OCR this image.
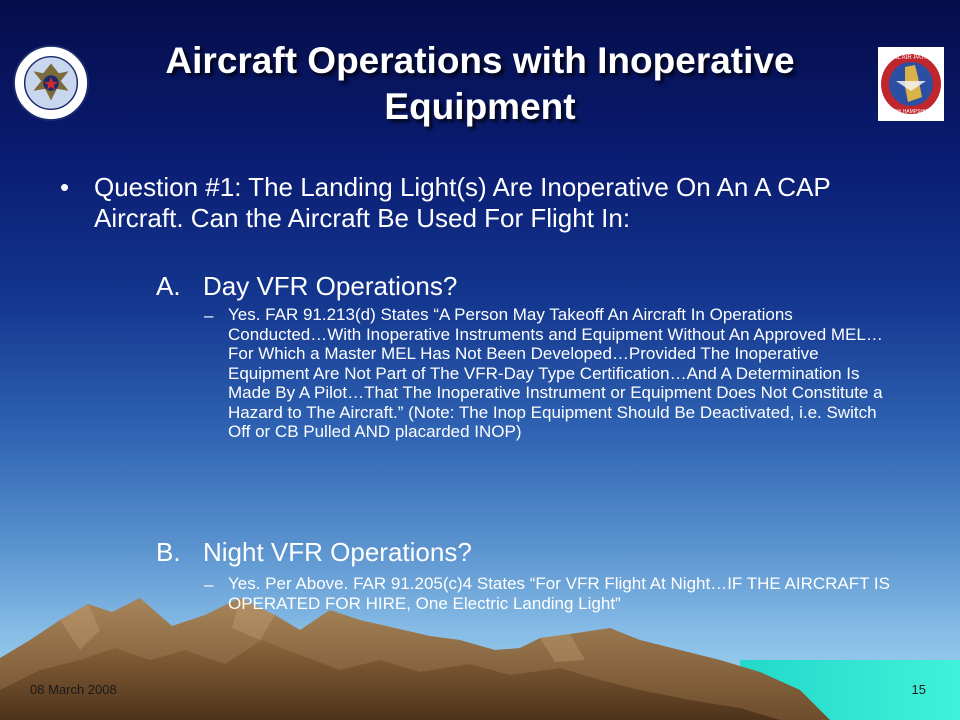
CIVIL AIR PATROL
NEW HAMPSHIRE
Aircraft Operations with Inoperative Equipment
• Question #1: The Landing Light(s) Are Inoperative On An A CAP Aircraft. Can the Aircraft Be Used For Flight In:
A. Day VFR Operations?
– Yes. FAR 91.213(d) States “A Person May Takeoff An Aircraft In Operations Conducted…With Inoperative Instruments and Equipment Without An Approved MEL…For Which a Master MEL Has Not Been Developed…Provided The Inoperative Equipment Are Not Part of The VFR-Day Type Certification…And A Determination Is Made By A Pilot…That The Inoperative Instrument or Equipment Does Not Constitute a Hazard to The Aircraft.” (Note: The Inop Equipment Should Be Deactivated, i.e. Switch Off or CB Pulled AND placarded INOP)
B. Night VFR Operations?
– Yes. Per Above. FAR 91.205(c)4 States “For VFR Flight At Night…IF THE AIRCRAFT IS OPERATED FOR HIRE, One Electric Landing Light”
08 March 2008	15
